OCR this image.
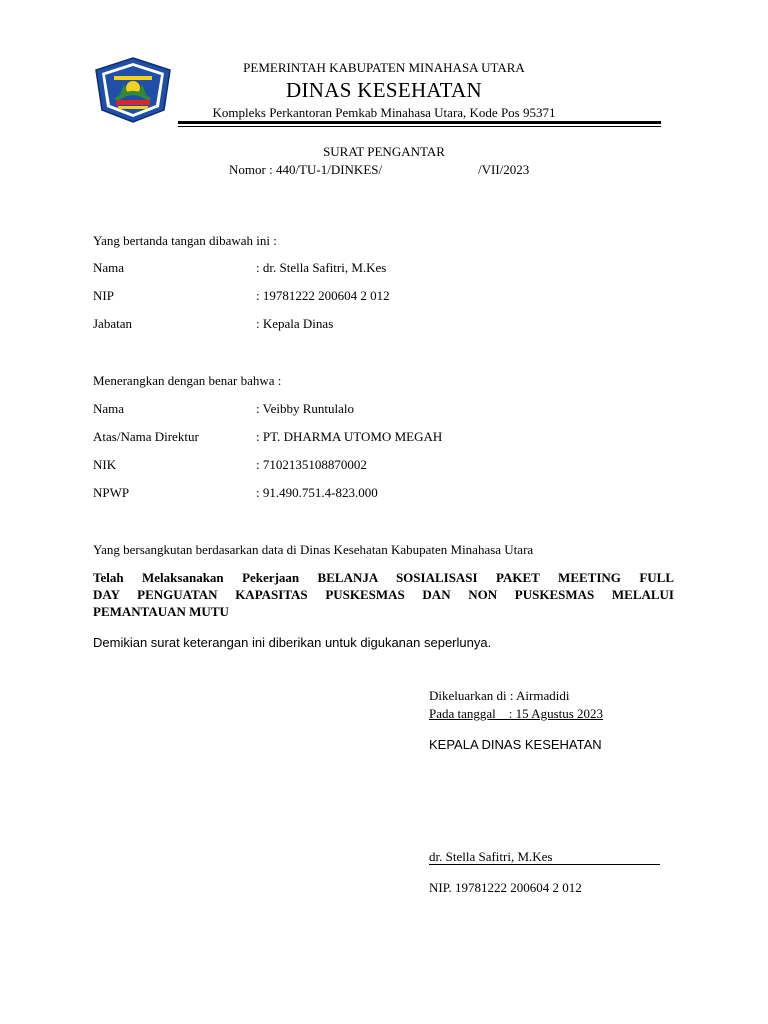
PEMERINTAH KABUPATEN MINAHASA UTARA
DINAS KESEHATAN
Kompleks Perkantoran Pemkab Minahasa Utara, Kode Pos 95371
SURAT PENGANTAR
Nomor : 440/TU-1/DINKES/	/VII/2023
Yang bertanda tangan dibawah ini :
Nama	: dr. Stella Safitri, M.Kes
NIP	: 19781222 200604 2 012
Jabatan	: Kepala Dinas
Menerangkan dengan benar bahwa :
Nama	: Veibby Runtulalo
Atas/Nama Direktur	: PT. DHARMA UTOMO MEGAH
NIK	: 7102135108870002
NPWP	: 91.490.751.4-823.000
Yang bersangkutan berdasarkan data di Dinas Kesehatan Kabupaten Minahasa Utara
Telah Melaksanakan Pekerjaan BELANJA SOSIALISASI PAKET MEETING FULL
DAY PENGUATAN KAPASITAS PUSKESMAS DAN NON PUSKESMAS MELALUI
PEMANTAUAN MUTU
Demikian surat keterangan ini diberikan untuk digukanan seperlunya.
Dikeluarkan di : Airmadidi
Pada tanggal    : 15 Agustus 2023
KEPALA DINAS KESEHATAN
dr. Stella Safitri, M.Kes
NIP. 19781222 200604 2 012
